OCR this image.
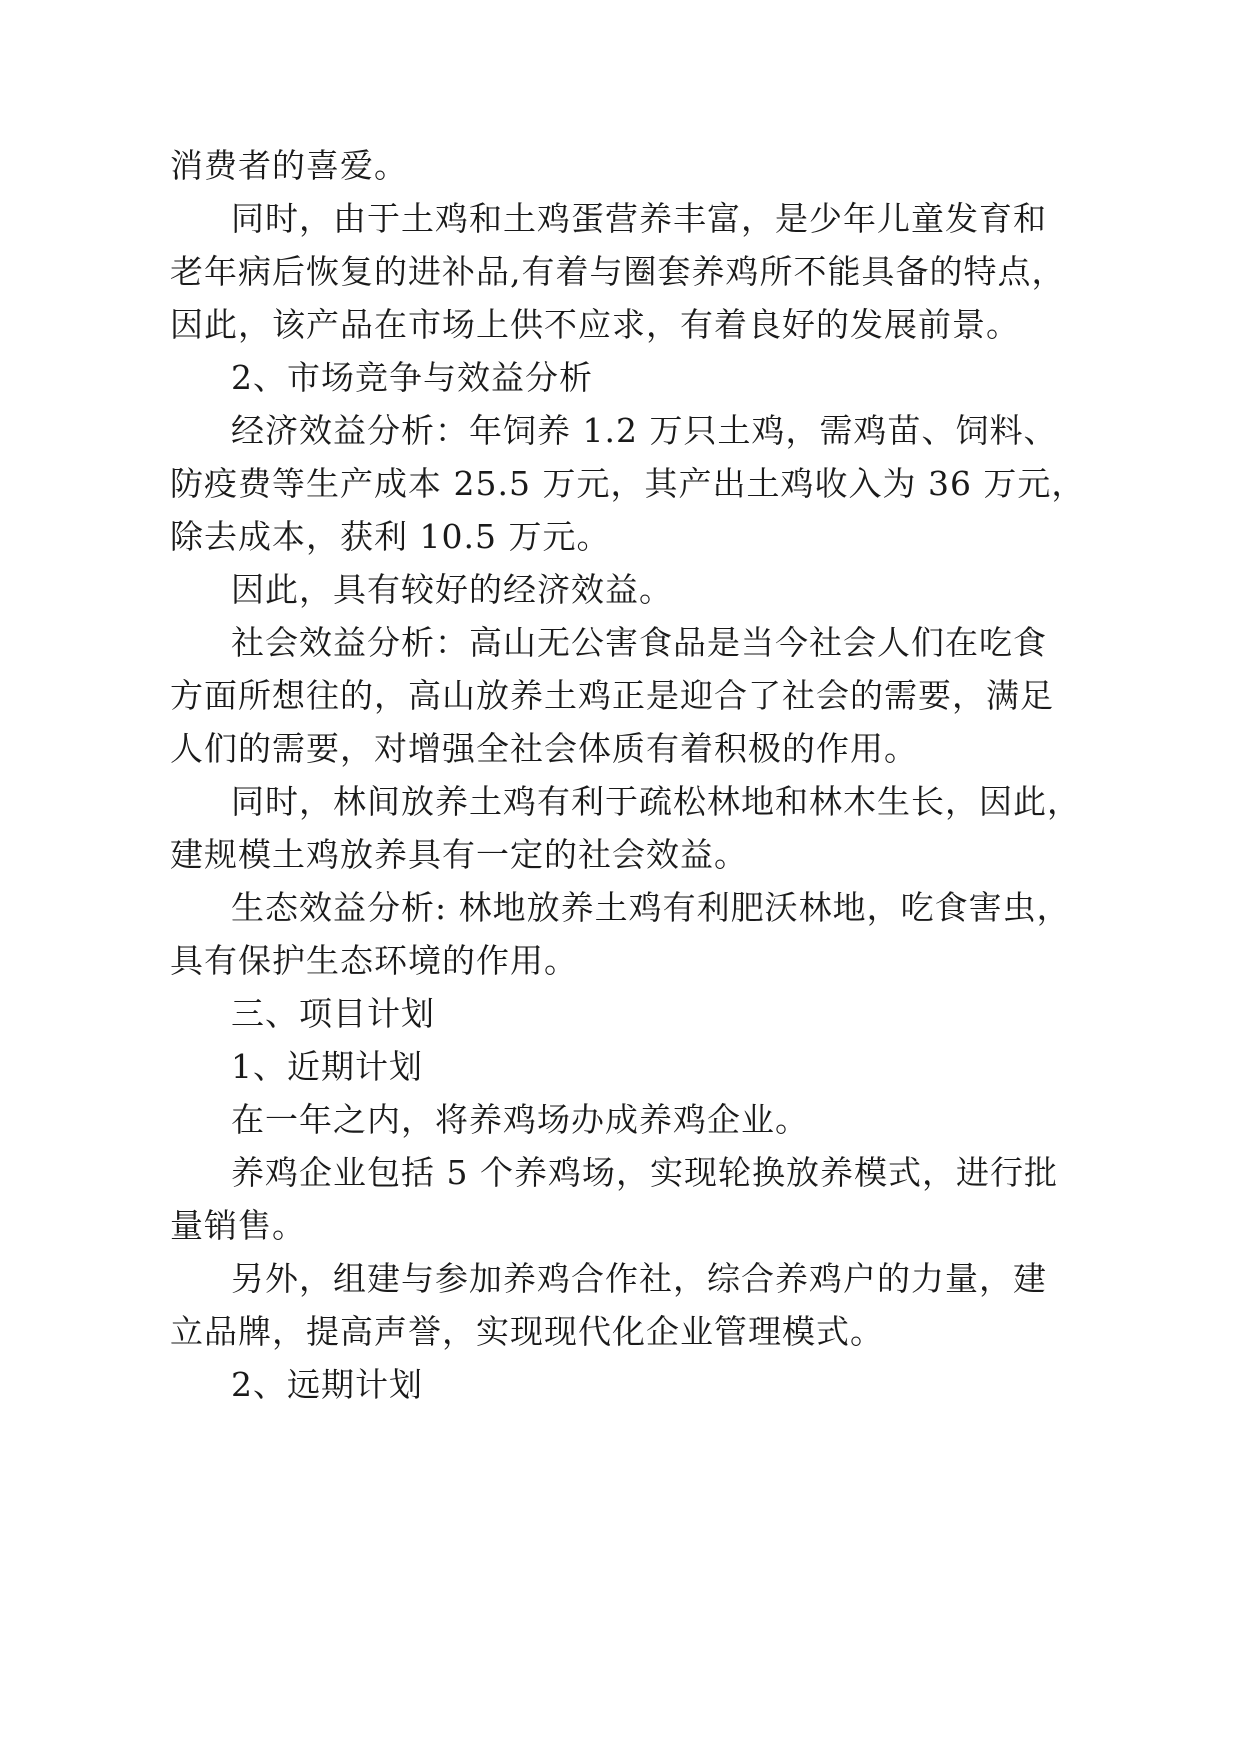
消费者的喜爱。
同时，由于土鸡和土鸡蛋营养丰富，是少年儿童发育和
老年病后恢复的进补品,有着与圈套养鸡所不能具备的特点，
因此，该产品在市场上供不应求，有着良好的发展前景。
2、市场竞争与效益分析
经济效益分析：年饲养 1.2 万只土鸡，需鸡苗、饲料、
防疫费等生产成本 25.5 万元，其产出土鸡收入为 36 万元，
除去成本，获利 10.5 万元。
因此，具有较好的经济效益。
社会效益分析：高山无公害食品是当今社会人们在吃食
方面所想往的，高山放养土鸡正是迎合了社会的需要，满足
人们的需要，对增强全社会体质有着积极的作用。
同时，林间放养土鸡有利于疏松林地和林木生长，因此，
建规模土鸡放养具有一定的社会效益。
生态效益分析: 林地放养土鸡有利肥沃林地，吃食害虫，
具有保护生态环境的作用。
三、项目计划
1、近期计划
在一年之内，将养鸡场办成养鸡企业。
养鸡企业包括 5 个养鸡场，实现轮换放养模式，进行批
量销售。
另外，组建与参加养鸡合作社，综合养鸡户的力量，建
立品牌，提高声誉，实现现代化企业管理模式。
2、远期计划
